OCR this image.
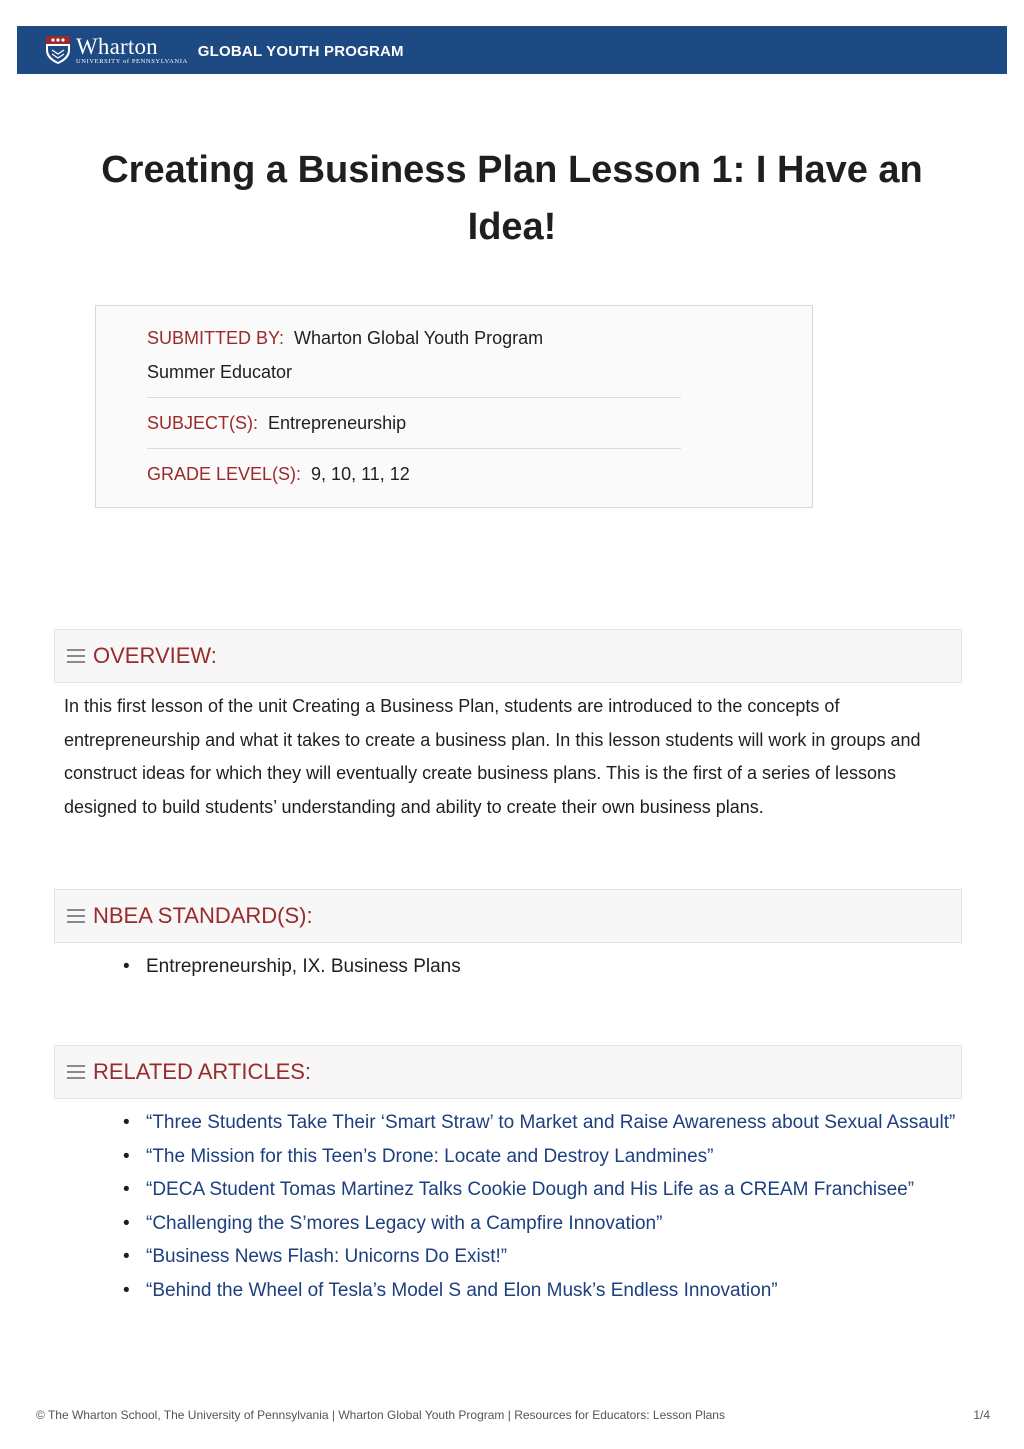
Wharton
UNIVERSITY of PENNSYLVANIA
GLOBAL YOUTH PROGRAM
Creating a Business Plan Lesson 1: I Have an Idea!
SUBMITTED BY: Wharton Global Youth Program
Summer Educator
SUBJECT(S): Entrepreneurship
GRADE LEVEL(S): 9, 10, 11, 12
OVERVIEW:

In this first lesson of the unit Creating a Business Plan, students are introduced to the concepts of entrepreneurship and what it takes to create a business plan. In this lesson students will work in groups and construct ideas for which they will eventually create business plans. This is the first of a series of lessons designed to build students’ understanding and ability to create their own business plans.

NBEA STANDARD(S):
• Entrepreneurship, IX. Business Plans
RELATED ARTICLES:
• “Three Students Take Their ‘Smart Straw’ to Market and Raise Awareness about Sexual Assault”
• “The Mission for this Teen’s Drone: Locate and Destroy Landmines”
• “DECA Student Tomas Martinez Talks Cookie Dough and His Life as a CREAM Franchisee”
• “Challenging the S’mores Legacy with a Campfire Innovation”
• “Business News Flash: Unicorns Do Exist!”
• “Behind the Wheel of Tesla’s Model S and Elon Musk’s Endless Innovation”
© The Wharton School, The University of Pennsylvania | Wharton Global Youth Program | Resources for Educators: Lesson Plans	1/4
